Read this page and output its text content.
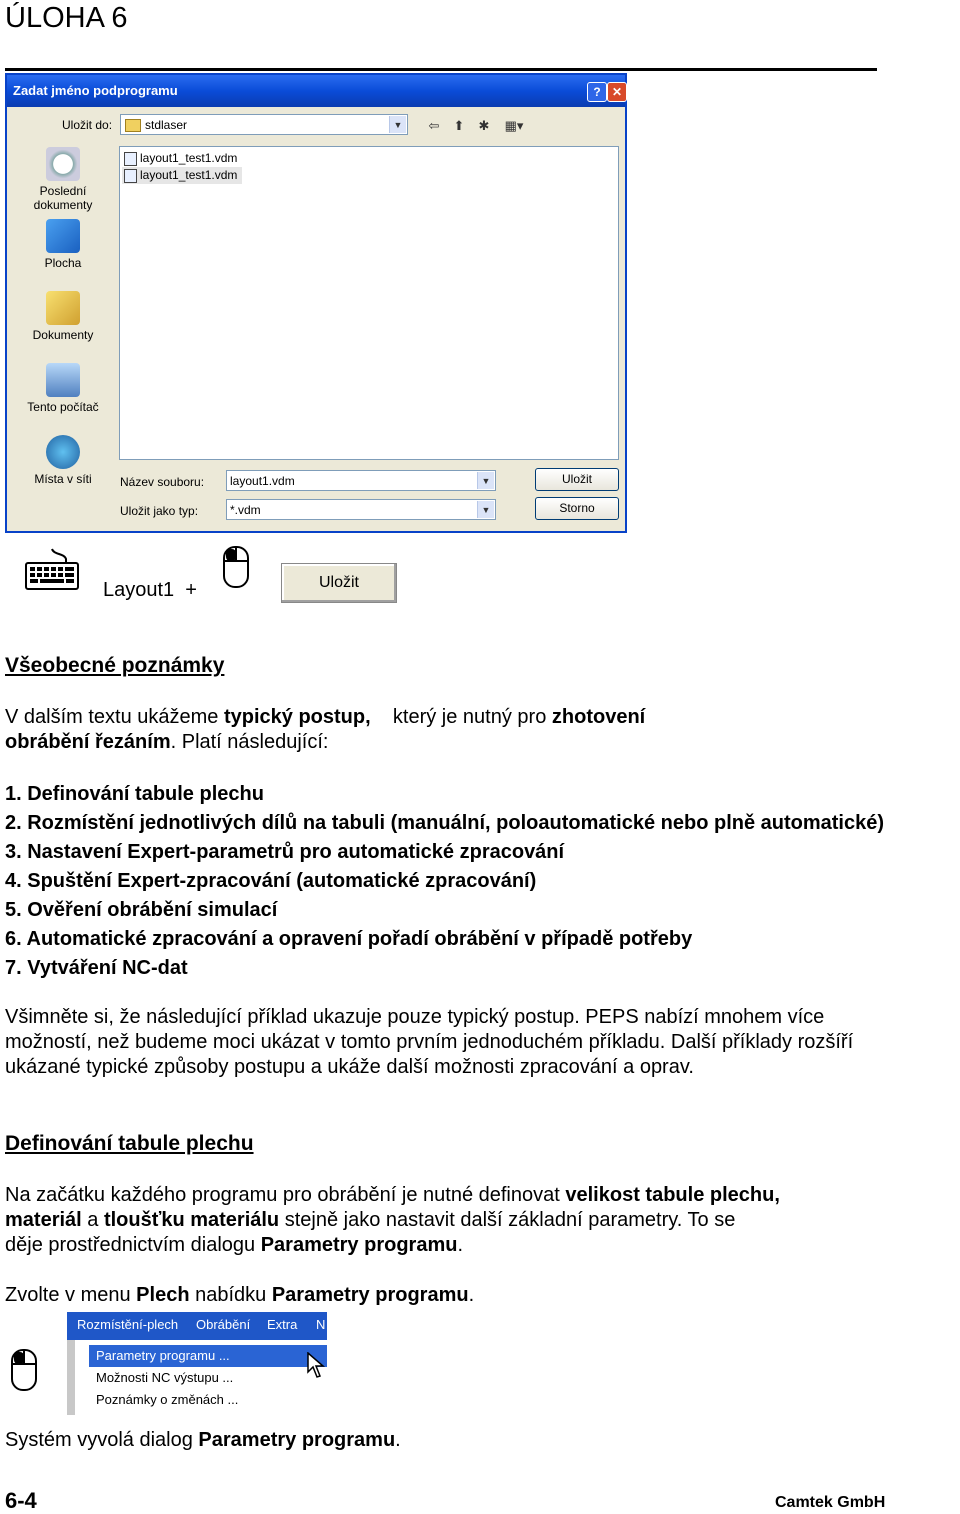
ÚLOHA 6
Zadat jméno podprogramu	? ✕
Uložit do:	stdlaser	▼ ⇦ ⬆ ✱ ▦▾
Poslední
dokumenty
Plocha
Dokumenty
Tento počítač
Místa v síti
layout1_test1.vdm
layout1_test1.vdm
Název souboru: layout1.vdm	▼
Uložit jako typ:	*.vdm	▼
Uložit
Storno
Layout1  +	Uložit
Všeobecné poznámky
V dalším textu ukážeme typický postup,    který je nutný pro zhotovení
obrábění řezáním. Platí následující:
1. Definování tabule plechu
2. Rozmístění jednotlivých dílů na tabuli (manuální, poloautomatické nebo plně automatické)
3. Nastavení Expert-parametrů pro automatické zpracování
4. Spuštění Expert-zpracování (automatické zpracování)
5. Ověření obrábění simulací
6. Automatické zpracování a opravení pořadí obrábění v případě potřeby
7. Vytváření NC-dat
Všimněte si, že následující příklad ukazuje pouze typický postup. PEPS nabízí mnohem více možností, než budeme moci ukázat v tomto prvním jednoduchém příkladu. Další příklady rozšíří ukázané typické způsoby postupu a ukáže další možnosti zpracování a oprav.
Definování tabule plechu
Na začátku každého programu pro obrábění je nutné definovat velikost tabule plechu,
materiál a tloušťku materiálu stejně jako nastavit další základní parametry. To se
děje prostřednictvím dialogu Parametry programu.
Zvolte v menu Plech nabídku Parametry programu.
Rozmístění-plech Obrábění Extra N
Parametry programu ...
Možnosti NC výstupu ...
Poznámky o změnách ...
Systém vyvolá dialog Parametry programu.
6-4	Camtek GmbH
